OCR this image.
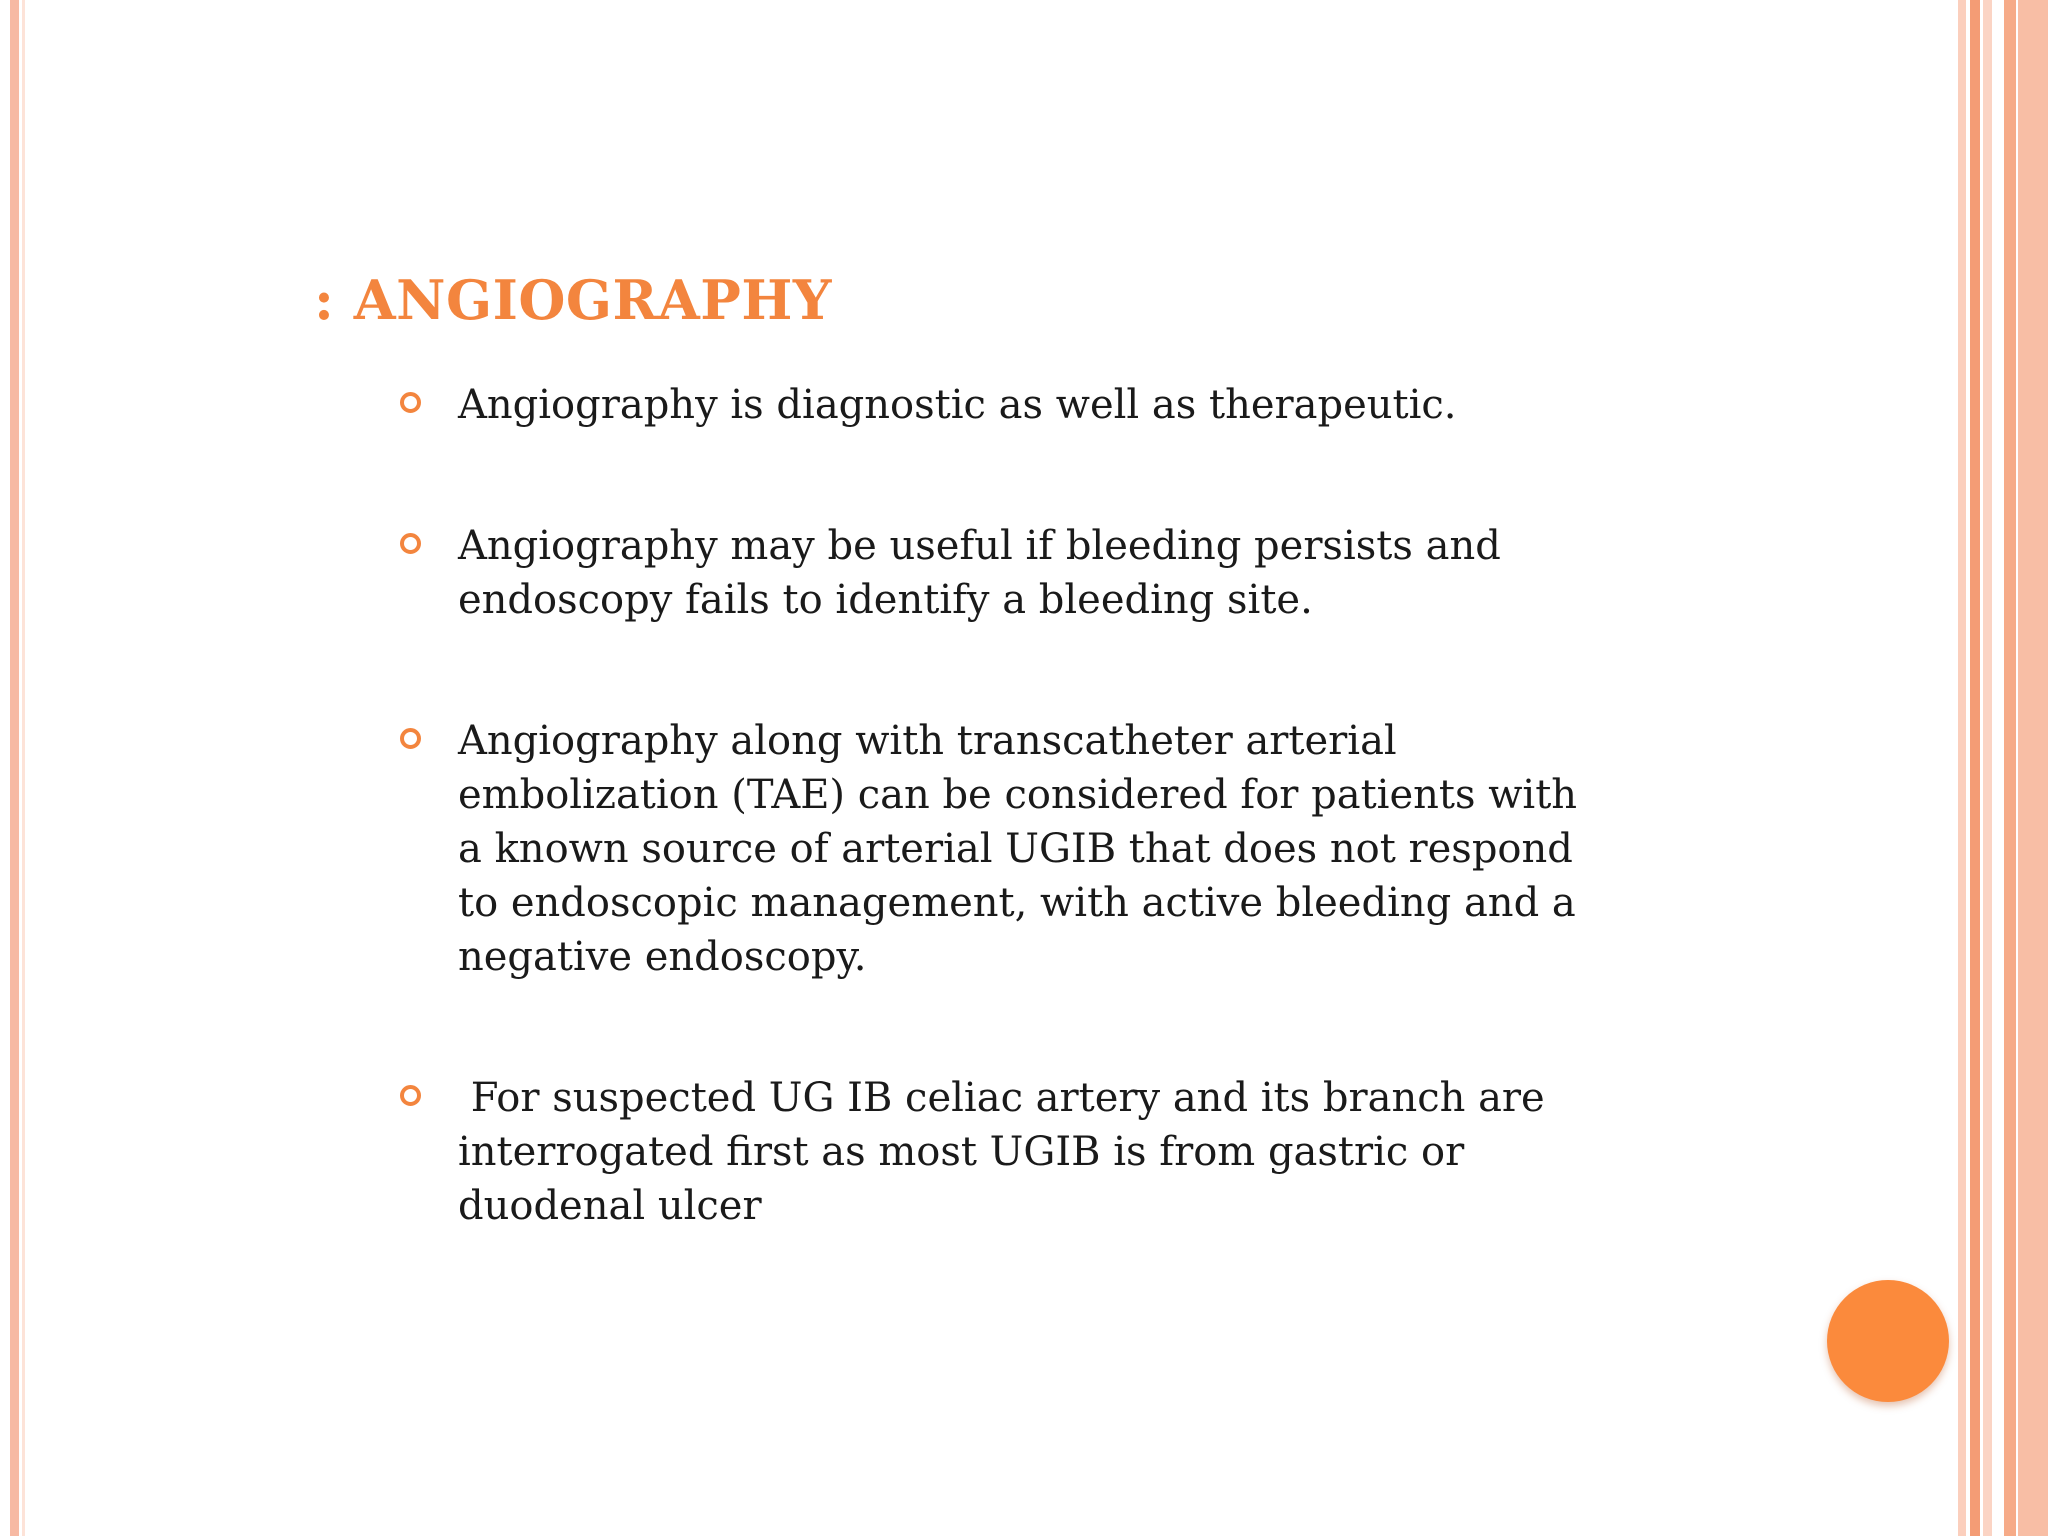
: ANGIOGRAPHY
Angiography is diagnostic as well as therapeutic.
Angiography may be useful if bleeding persists and endoscopy fails to identify a bleeding site.
Angiography along with transcatheter arterial embolization (TAE) can be considered for patients with a known source of arterial UGIB that does not respond to endoscopic management, with active bleeding and a negative endoscopy.
For suspected UG IB celiac artery and its branch are interrogated first as most UGIB is from gastric or duodenal ulcer
